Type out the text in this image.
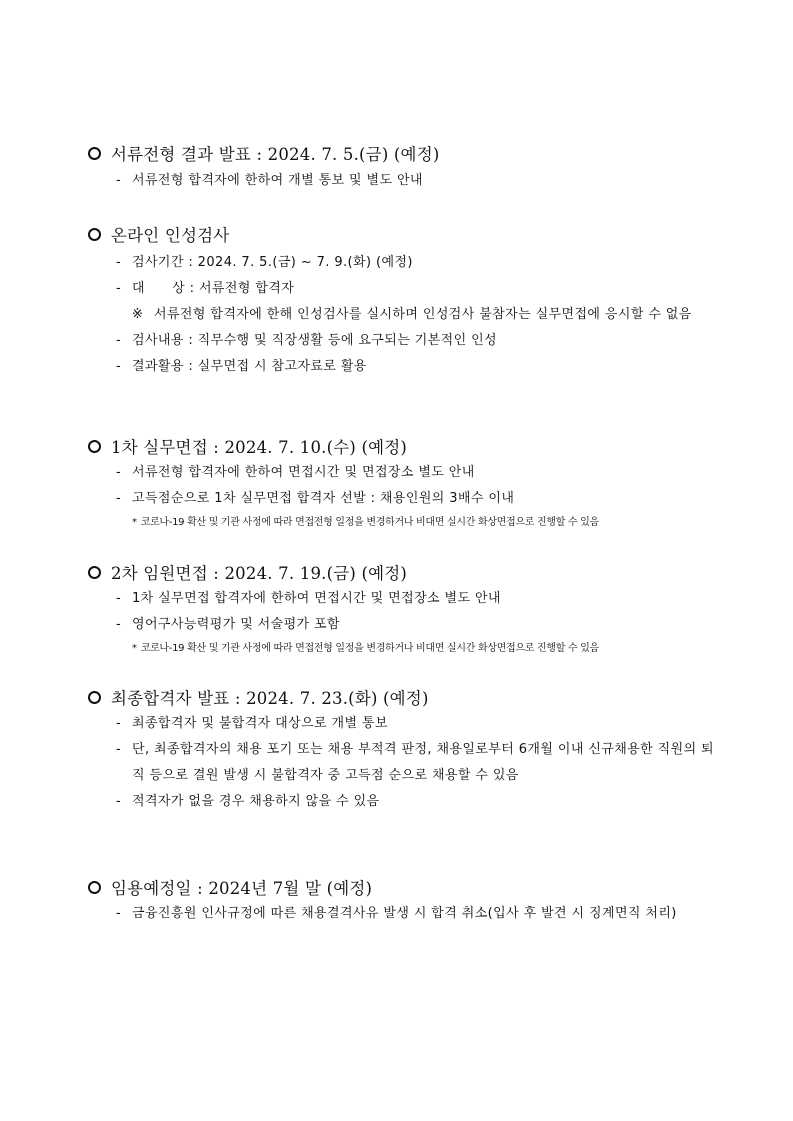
서류전형 결과 발표 : 2024. 7. 5.(금) (예정)
- 서류전형 합격자에 한하여 개별 통보 및 별도 안내
온라인 인성검사
- 검사기간 : 2024. 7. 5.(금) ~ 7. 9.(화) (예정)
- 대      상 : 서류전형 합격자
※ 서류전형 합격자에 한해 인성검사를 실시하며 인성검사 불참자는 실무면접에 응시할 수 없음
- 검사내용 : 직무수행 및 직장생활 등에 요구되는 기본적인 인성
- 결과활용 : 실무면접 시 참고자료로 활용
1차 실무면접 : 2024. 7. 10.(수) (예정)
- 서류전형 합격자에 한하여 면접시간 및 면접장소 별도 안내
- 고득점순으로 1차 실무면접 합격자 선발 : 채용인원의 3배수 이내
* 코로나-19 확산 및 기관 사정에 따라 면접전형 일정을 변경하거나 비대면 실시간 화상면접으로 진행할 수 있음
2차 임원면접 : 2024. 7. 19.(금) (예정)
- 1차 실무면접 합격자에 한하여 면접시간 및 면접장소 별도 안내
- 영어구사능력평가 및 서술평가 포함
* 코로나-19 확산 및 기관 사정에 따라 면접전형 일정을 변경하거나 비대면 실시간 화상면접으로 진행할 수 있음
최종합격자 발표 : 2024. 7. 23.(화) (예정)
- 최종합격자 및 불합격자 대상으로 개별 통보
- 단, 최종합격자의 채용 포기 또는 채용 부적격 판정, 채용일로부터 6개월 이내 신규채용한 직원의 퇴직 등으로 결원 발생 시 불합격자 중 고득점 순으로 채용할 수 있음
- 적격자가 없을 경우 채용하지 않을 수 있음
임용예정일 : 2024년 7월 말 (예정)
- 금융진흥원 인사규정에 따른 채용결격사유 발생 시 합격 취소(입사 후 발견 시 징계면직 처리)
